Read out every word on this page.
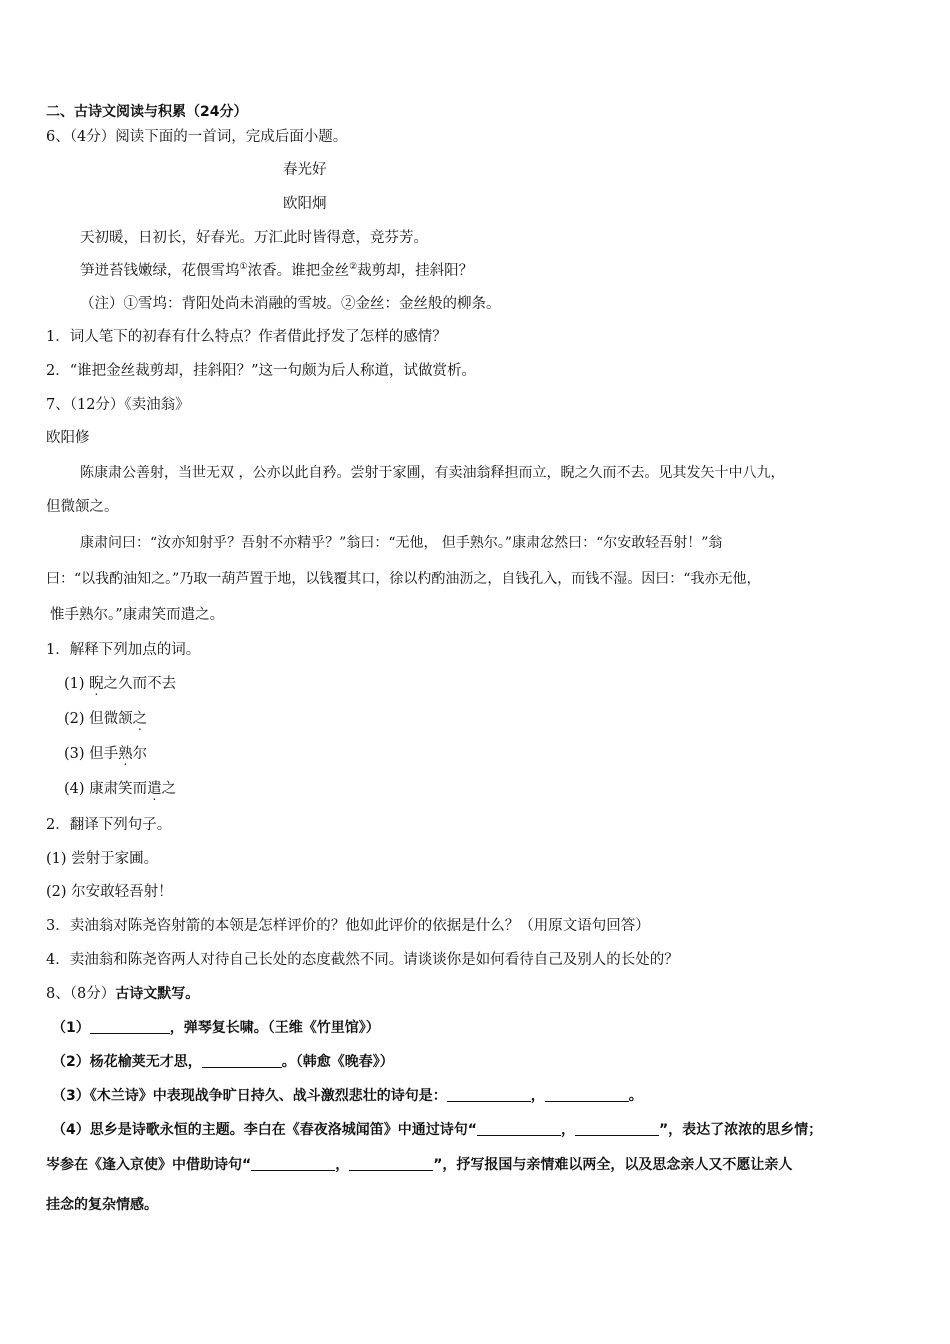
二、古诗文阅读与积累（24分）
6、（4分）阅读下面的一首词，完成后面小题。
春光好
欧阳炯
天初暖，日初长，好春光。万汇此时皆得意，竞芬芳。
笋迸苔钱嫩绿，花偎雪坞①浓香。谁把金丝②裁剪却，挂斜阳？
（注）①雪坞：背阳处尚未消融的雪坡。②金丝：金丝般的柳条。
1．词人笔下的初春有什么特点？作者借此抒发了怎样的感情？
2．“谁把金丝裁剪却，挂斜阳？”这一句颇为后人称道，试做赏析。
7、（12分）《卖油翁》
欧阳修
陈康肃公善射，当世无双 ，公亦以此自矜。尝射于家圃，有卖油翁释担而立，睨之久而不去。见其发矢十中八九，
但微颔之。
康肃问曰：“汝亦知射乎？吾射不亦精乎？”翁曰：“无他， 但手熟尔。”康肃忿然曰：“尔安敢轻吾射！”翁
曰：“以我酌油知之。”乃取一葫芦置于地，以钱覆其口，徐以杓酌油沥之，自钱孔入，而钱不湿。因曰：“我亦无他，
惟手熟尔。”康肃笑而遣之。
1．解释下列加点的词。
(1) 睨之久而不去
(2) 但微颔之
(3) 但手熟尔
(4) 康肃笑而遣之
2．翻译下列句子。
(1) 尝射于家圃。
(2) 尔安敢轻吾射！
3．卖油翁对陈尧咨射箭的本领是怎样评价的？他如此评价的依据是什么？（用原文语句回答）
4．卖油翁和陈尧咨两人对待自己长处的态度截然不同。请谈谈你是如何看待自己及别人的长处的？
8、（8分）古诗文默写。
（1）	，弹琴复长啸。（王维《竹里馆》）
（2）杨花榆荚无才思，	。（韩愈《晚春》）
（3）《木兰诗》中表现战争旷日持久、战斗激烈悲壮的诗句是：	，	。
（4）思乡是诗歌永恒的主题。李白在《春夜洛城闻笛》中通过诗句“	，	”，表达了浓浓的思乡情；
岑参在《逢入京使》中借助诗句“	，	”，抒写报国与亲情难以两全，以及思念亲人又不愿让亲人
挂念的复杂情感。
